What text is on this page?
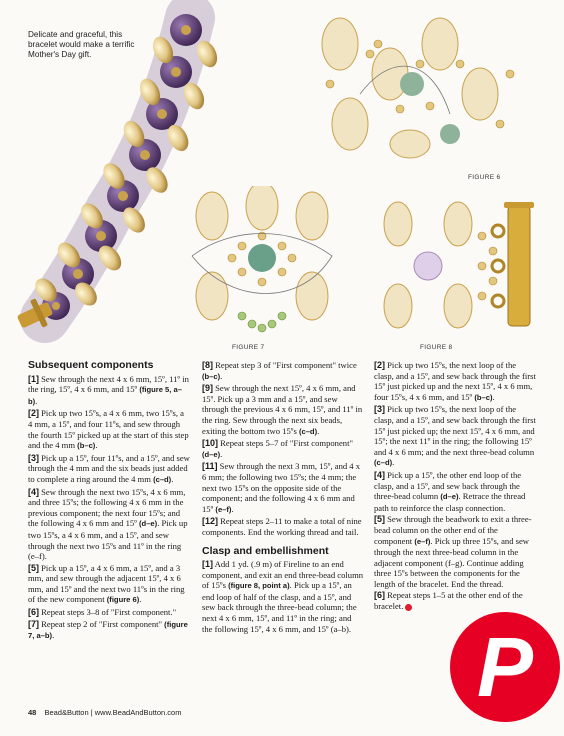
Delicate and graceful, this bracelet would make a terrific Mother's Day gift.
FIGURE 6
FIGURE 7	FIGURE 8
Subsequent components

[1] Sew through the next 4 x 6 mm, 15º, 11º in the ring, 15º, 4 x 6 mm, and 15º (figure 5, a–b).

[2] Pick up two 15ºs, a 4 x 6 mm, two 15ºs, a 4 mm, a 15º, and four 11ºs, and sew through the fourth 15º picked up at the start of this step and the 4 mm (b–c).

[3] Pick up a 15º, four 11ºs, and a 15º, and sew through the 4 mm and the six beads just added to complete a ring around the 4 mm (c–d).

[4] Sew through the next two 15ºs, 4 x 6 mm, and three 15ºs; the following 4 x 6 mm in the previous component; the next four 15ºs; and the following 4 x 6 mm and 15º (d–e). Pick up two 15ºs, a 4 x 6 mm, and a 15º, and sew through the next two 15ºs and 11º in the ring (e–f).

[5] Pick up a 15º, a 4 x 6 mm, a 15º, and a 3 mm, and sew through the adjacent 15º, 4 x 6 mm, and 15º and the next two 11ºs in the ring of the new component (figure 6).

[6] Repeat steps 3–8 of "First component."

[7] Repeat step 2 of "First component" (figure 7, a–b).

[8] Repeat step 3 of "First component" twice (b–c).

[9] Sew through the next 15º, 4 x 6 mm, and 15º. Pick up a 3 mm and a 15º, and sew through the previous 4 x 6 mm, 15º, and 11º in the ring. Sew through the next six beads, exiting the bottom two 15ºs (c–d).

[10] Repeat steps 5–7 of "First component" (d–e).

[11] Sew through the next 3 mm, 15º, and 4 x 6 mm; the following two 15ºs; the 4 mm; the next two 15ºs on the opposite side of the component; and the following 4 x 6 mm and 15º (e–f).

[12] Repeat steps 2–11 to make a total of nine components. End the working thread and tail.

Clasp and embellishment

[1] Add 1 yd. (.9 m) of Fireline to an end component, and exit an end three-bead column of 15ºs (figure 8, point a). Pick up a 15º, an end loop of half of the clasp, and a 15º, and sew back through the three-bead column; the next 4 x 6 mm, 15º, and 11º in the ring; and the following 15º, 4 x 6 mm, and 15º (a–b).

[2] Pick up two 15ºs, the next loop of the clasp, and a 15º, and sew back through the first 15º just picked up and the next 15º, 4 x 6 mm, four 15ºs, 4 x 6 mm, and 15º (b–c).

[3] Pick up two 15ºs, the next loop of the clasp, and a 15º, and sew back through the first 15º just picked up; the next 15º, 4 x 6 mm, and 15º; the next 11º in the ring; the following 15º and 4 x 6 mm; and the next three-bead column (c–d).

[4] Pick up a 15º, the other end loop of the clasp, and a 15º, and sew back through the three-bead column (d–e). Retrace the thread path to reinforce the clasp connection.

[5] Sew through the beadwork to exit a three-bead column on the other end of the component (e–f). Pick up three 15ºs, and sew through the next three-bead column in the adjacent component (f–g). Continue adding three 15ºs between the components for the length of the bracelet. End the thread.

[6] Repeat steps 1–5 at the other end of the bracelet.

48 Bead&Button | www.BeadAndButton.com	P
